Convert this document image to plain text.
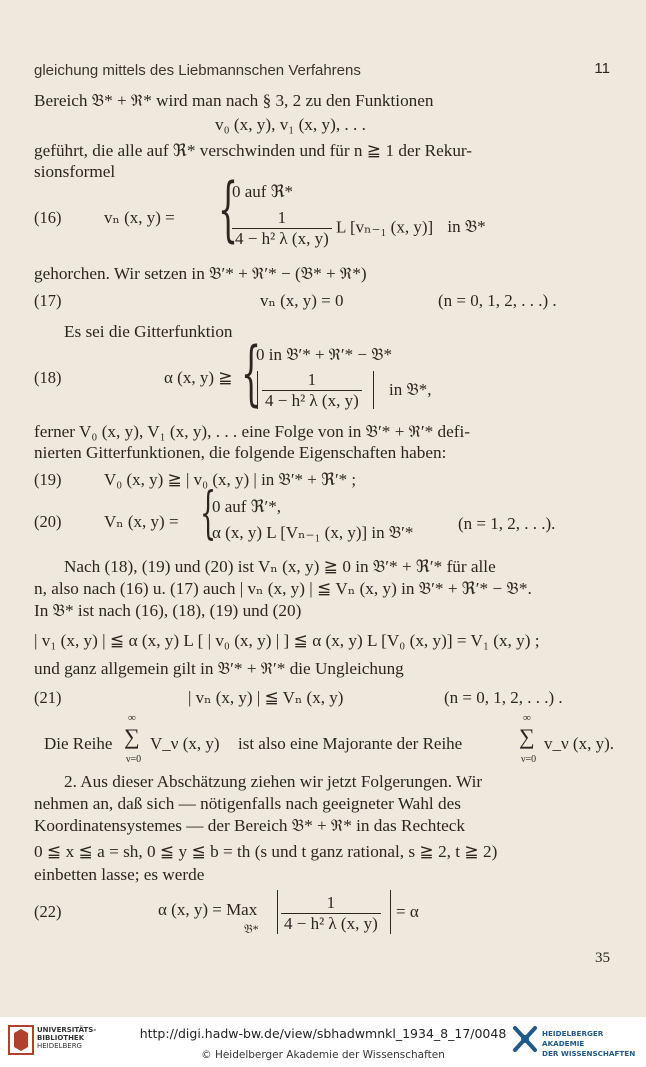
gleichung mittels des Liebmannschen Verfahrens	11
Bereich 𝔅* + ℜ* wird man nach § 3, 2 zu den Funktionen
v₀ (x, y), v₁ (x, y), . . .
geführt, die alle auf ℜ* verschwinden und für n ≧ 1 der Rekur-
sionsformel
(16)	vₙ (x, y) = {
0 auf ℜ*
$\frac{1}{\text{4 − h² λ (x, y)}}$ L [vₙ₋₁ (x, y)] in 𝔅*
gehorchen. Wir setzen in 𝔅′* + ℜ′* − (𝔅* + ℜ*)
(17)	vₙ (x, y) = 0	(n = 0, 1, 2, . . .) .
Es sei die Gitterfunktion
(18)	α (x, y) ≧ {
0 in 𝔅′* + ℜ′* − 𝔅*
$\frac{1}{\text{4 − h² λ (x, y)}}$ in 𝔅*,
ferner V₀ (x, y), V₁ (x, y), . . . eine Folge von in 𝔅′* + ℜ′* defi-
nierten Gitterfunktionen, die folgende Eigenschaften haben:
(19)	V₀ (x, y) ≧ | v₀ (x, y) | in 𝔅′* + ℜ′* ;
(20)	Vₙ (x, y) = {
0 auf ℜ′*,
α (x, y) L [Vₙ₋₁ (x, y)] in 𝔅′*	(n = 1, 2, . . .).
Nach (18), (19) und (20) ist Vₙ (x, y) ≧ 0 in 𝔅′* + ℜ′* für alle
n, also nach (16) u. (17) auch | vₙ (x, y) | ≦ Vₙ (x, y) in 𝔅′* + ℜ′* − 𝔅*.
In 𝔅* ist nach (16), (18), (19) und (20)
| v₁ (x, y) | ≦ α (x, y) L [ | v₀ (x, y) | ] ≦ α (x, y) L [V₀ (x, y)] = V₁ (x, y) ;
und ganz allgemein gilt in 𝔅′* + ℜ′* die Ungleichung
(21)	| vₙ (x, y) | ≦ Vₙ (x, y)	(n = 0, 1, 2, . . .) .
Die Reihe
∞
∑
ν=0
V_ν (x, y) ist also eine Majorante der Reihe
∞
∑
ν=0
v_ν (x, y).
2. Aus dieser Abschätzung ziehen wir jetzt Folgerungen. Wir
nehmen an, daß sich — nötigenfalls nach geeigneter Wahl des
Koordinatensystemes — der Bereich 𝔅* + ℜ* in das Rechteck
0 ≦ x ≦ a = sh, 0 ≦ y ≦ b = th (s und t ganz rational, s ≧ 2, t ≧ 2)
einbetten lasse; es werde
(22)	α (x, y) = Max
𝔅* $\frac{1}{\text{4 − h² λ (x, y)}} = \alpha$
35
UNIVERSITÄTS-
BIBLIOTHEK
HEIDELBERG
http://digi.hadw-bw.de/view/sbhadwmnkl_1934_8_17/0048
© Heidelberger Akademie der Wissenschaften
HEIDELBERGER AKADEMIE
DER WISSENSCHAFTEN
